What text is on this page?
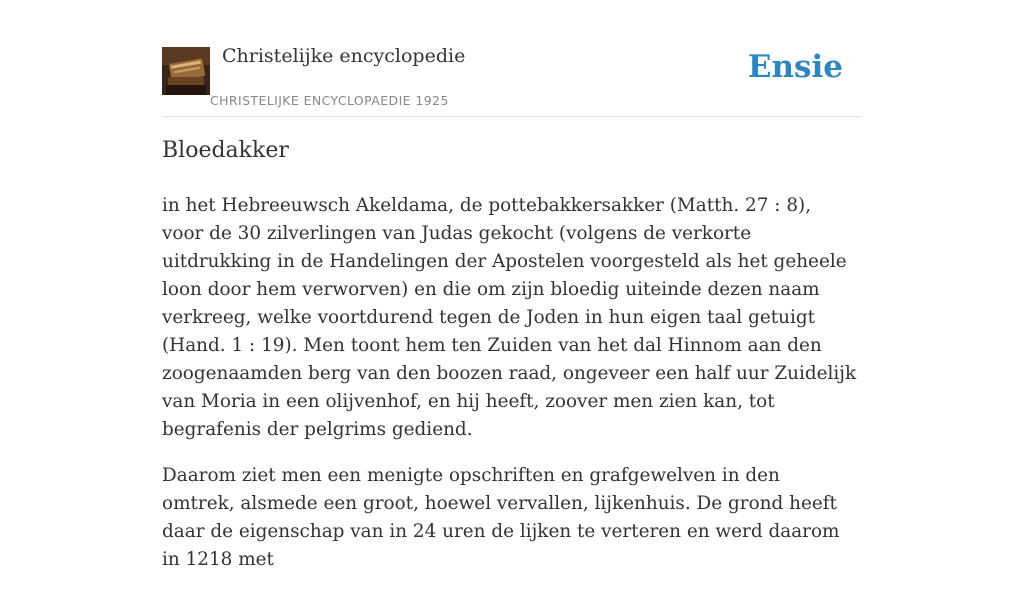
Christelijke encyclopedie
CHRISTELIJKE ENCYCLOPAEDIE 1925
Ensie
Bloedakker

in het Hebreeuwsch Akeldama, de pottebakkersakker (Matth. 27 : 8), voor de 30 zilverlingen van Judas gekocht (volgens de verkorte uitdrukking in de Handelingen der Apostelen voorgesteld als het geheele loon door hem verworven) en die om zijn bloedig uiteinde dezen naam verkreeg, welke voortdurend tegen de Joden in hun eigen taal getuigt (Hand. 1 : 19). Men toont hem ten Zuiden van het dal Hinnom aan den zoogenaamden berg van den boozen raad, ongeveer een half uur Zuidelijk van Moria in een olijvenhof, en hij heeft, zoover men zien kan, tot begrafenis der pelgrims gediend.

Daarom ziet men een menigte opschriften en grafgewelven in den omtrek, alsmede een groot, hoewel vervallen, lijkenhuis. De grond heeft daar de eigenschap van in 24 uren de lijken te verteren en werd daarom in 1218 met
